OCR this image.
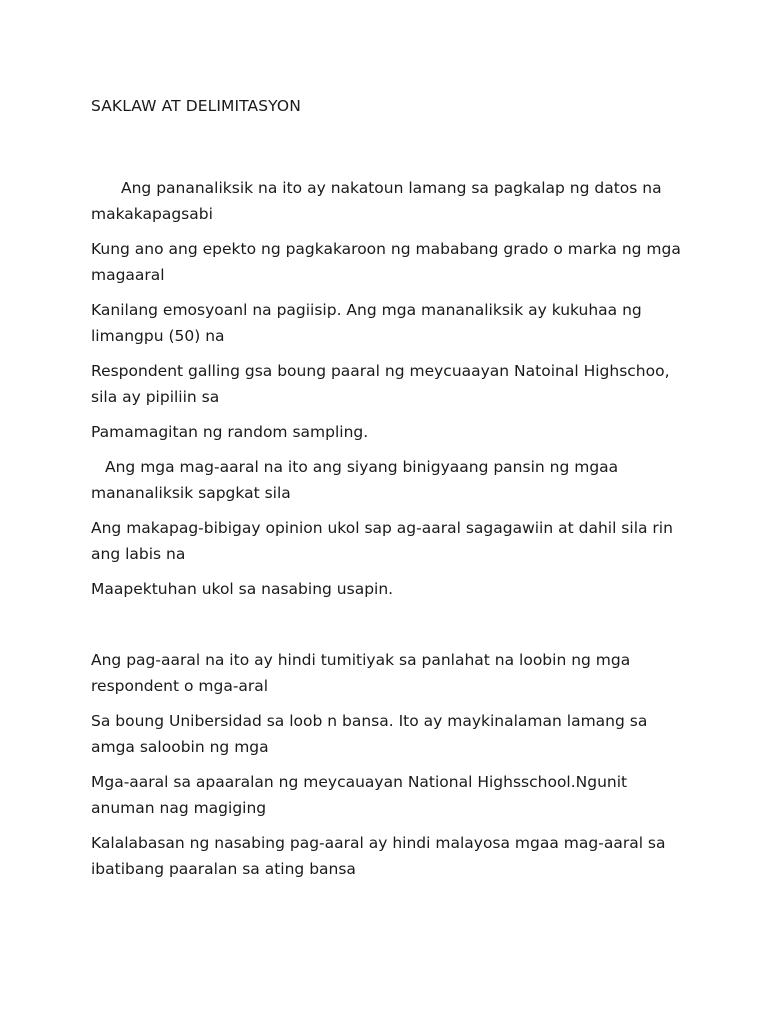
SAKLAW AT DELIMITASYON

Ang pananaliksik na ito ay nakatoun lamang sa pagkalap ng datos na makakapagsabi

Kung ano ang epekto ng pagkakaroon ng mababang grado o marka ng mga magaaral

Kanilang emosyoanl na pagiisip. Ang mga mananaliksik ay kukuhaa ng limangpu (50) na

Respondent galling gsa boung paaral ng meycuaayan Natoinal Highschoo, sila ay pipiliin sa

Pamamagitan ng random sampling.

Ang mga mag-aaral na ito ang siyang binigyaang pansin ng mgaa mananaliksik sapgkat sila

Ang makapag-bibigay opinion ukol sap ag-aaral sagagawiin at dahil sila rin ang labis na

Maapektuhan ukol sa nasabing usapin.

Ang pag-aaral na ito ay hindi tumitiyak sa panlahat na loobin ng mga respondent o mga-aral

Sa boung Unibersidad sa loob n bansa. Ito ay maykinalaman lamang sa amga saloobin ng mga

Mga-aaral sa apaaralan ng meycauayan National Highsschool.Ngunit anuman nag magiging

Kalalabasan ng nasabing pag-aaral ay hindi malayosa mgaa mag-aaral sa ibatibang paaralan sa ating bansa
